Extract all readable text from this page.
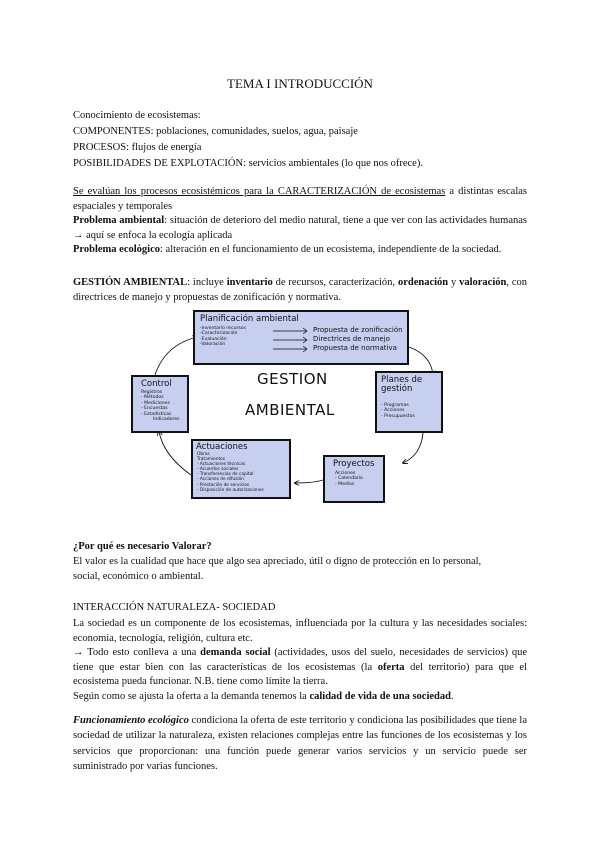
TEMA I INTRODUCCIÓN
Conocimiento de ecosistemas:
COMPONENTES: poblaciones, comunidades, suelos, agua, paisaje
PROCESOS: flujos de energía
POSIBILIDADES DE EXPLOTACIÓN: servicios ambientales (lo que nos ofrece).
Se evalúan los procesos ecosistémicos para la CARACTERIZACIÓN de ecosistemas a distintas escalas espaciales y temporales
Problema ambiental: situación de deterioro del medio natural, tiene a que ver con las actividades humanas → aquí se enfoca la ecología aplicada
Problema ecológico: alteración en el funcionamiento de un ecosistema, independiente de la sociedad.
GESTIÓN AMBIENTAL: incluye inventario de recursos, caracterización, ordenación y valoración, con directrices de manejo y propuestas de zonificación y normativa.
Planificación ambiental
-Inventario recursos
-Caracterización
-Evaluación
-Valoración
Propuesta de zonificación
Directrices de manejo
Propuesta de normativa
GESTION
AMBIENTAL
Planes de gestión
- Programas
- Acciones
- Presupuestos
Proyectos
Acciones
- Calendario
- Medios
Actuaciones
Obras
Tratamientos
- Actuaciones técnicas
- Acuerdos sociales
- Transferencias de capital
- Acciones de difusión
- Prestación de servicios
- Disposición de autorizaciones
Control
Registros
- Métodos
- Mediciones
- Encuestas
- Estadísticas
Indicadores
¿Por qué es necesario Valorar?
El valor es la cualidad que hace que algo sea apreciado, útil o digno de protección en lo personal,
social, económico o ambiental.
INTERACCIÓN NATURALEZA- SOCIEDAD
La sociedad es un componente de los ecosistemas, influenciada por la cultura y las necesidades sociales: economía, tecnología, religión, cultura etc.
→ Todo esto conlleva a una demanda social (actividades, usos del suelo, necesidades de servicios) que tiene que estar bien con las características de los ecosistemas (la oferta del territorio) para que el ecosistema pueda funcionar. N.B. tiene como límite la tierra.
Según como se ajusta la oferta a la demanda tenemos la calidad de vida de una sociedad.
Funcionamiento ecológico condiciona la oferta de este territorio y condiciona las posibilidades que tiene la sociedad de utilizar la naturaleza, existen relaciones complejas entre las funciones de los ecosistemas y los servicios que proporcionan: una función puede generar varios servicios y un servicio puede ser suministrado por varias funciones.
